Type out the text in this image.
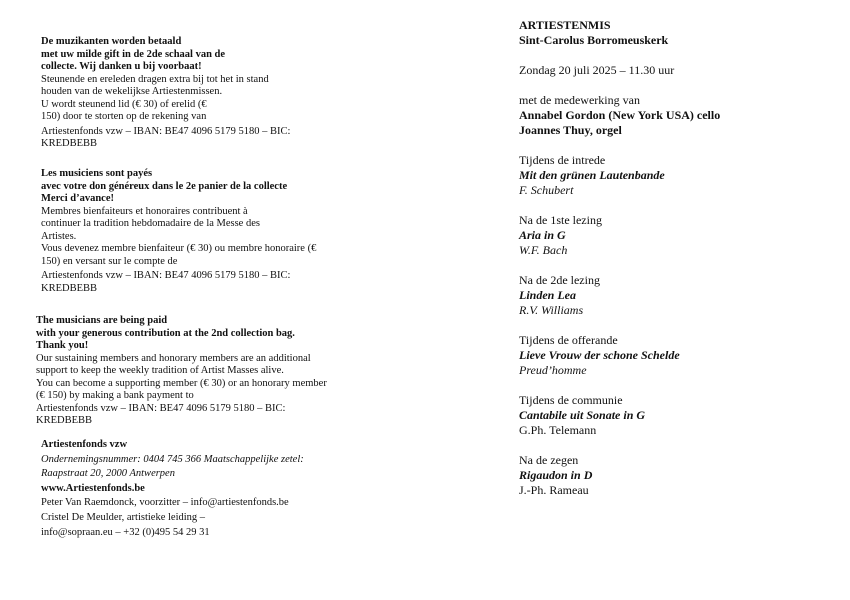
De muzikanten worden betaald
met uw milde gift in de 2de schaal van de
collecte. Wij danken u bij voorbaat!
Steunende en ereleden dragen extra bij tot het in stand
houden van de wekelijkse Artiestenmissen.
U wordt steunend lid (€ 30) of erelid (€
150) door te storten op de rekening van
Artiestenfonds vzw – IBAN: BE47 4096 5179 5180 – BIC:
KREDBEBB
Les musiciens sont payés
avec votre don généreux dans le 2e panier de la collecte
Merci d’avance!
Membres bienfaiteurs et honoraires contribuent à
continuer la tradition hebdomadaire de la Messe des
Artistes.
Vous devenez membre bienfaiteur (€ 30) ou membre honoraire (€
150) en versant sur le compte de
Artiestenfonds vzw – IBAN: BE47 4096 5179 5180 – BIC:
KREDBEBB
The musicians are being paid
with your generous contribution at the 2nd collection bag.
Thank you!
Our sustaining members and honorary members are an additional
support to keep the weekly tradition of Artist Masses alive.
You can become a supporting member (€ 30) or an honorary member
(€ 150) by making a bank payment to
Artiestenfonds vzw – IBAN: BE47 4096 5179 5180 – BIC:
KREDBEBB
Artiestenfonds vzw
Ondernemingsnummer: 0404 745 366 Maatschappelijke zetel:
Raapstraat 20, 2000 Antwerpen
www.Artiestenfonds.be
Peter Van Raemdonck, voorzitter – info@artiestenfonds.be
Cristel De Meulder, artistieke leiding –
info@sopraan.eu – +32 (0)495 54 29 31
ARTIESTENMIS
Sint-Carolus Borromeuskerk
Zondag 20 juli 2025 – 11.30 uur
met de medewerking van
Annabel Gordon (New York USA) cello
Joannes Thuy, orgel
Tijdens de intrede
Mit den grünen Lautenbande
F. Schubert
Na de 1ste lezing
Aria in G
W.F. Bach
Na de 2de lezing
Linden Lea
R.V. Williams
Tijdens de offerande
Lieve Vrouw der schone Schelde
Preud’homme
Tijdens de communie
Cantabile uit Sonate in G
G.Ph. Telemann
Na de zegen
Rigaudon in D
J.-Ph. Rameau
